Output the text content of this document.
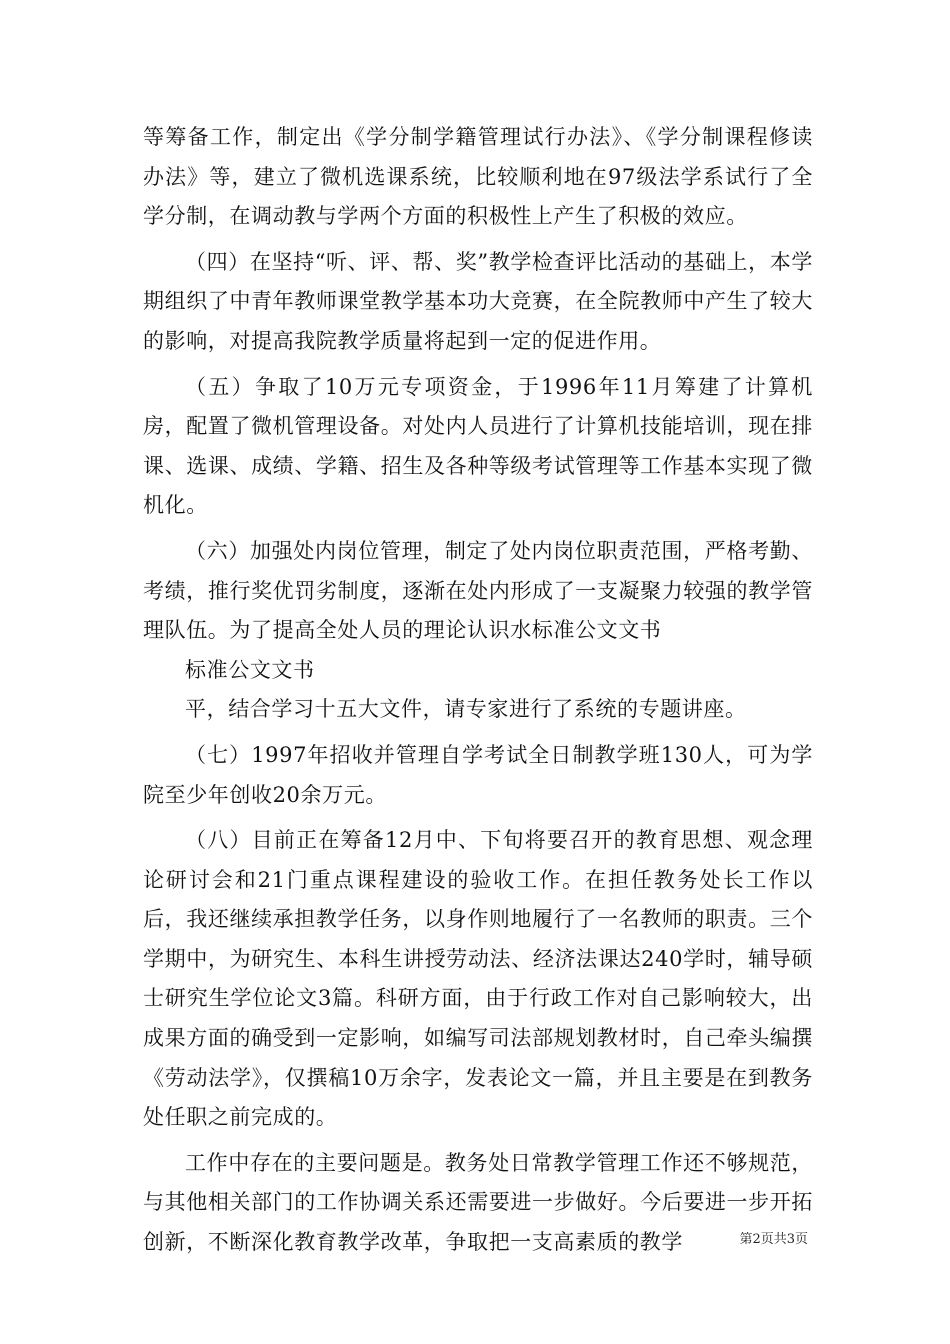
等筹备工作，制定出《学分制学籍管理试行办法》、《学分制课程修读办法》等，建立了微机选课系统，比较顺利地在97级法学系试行了全学分制，在调动教与学两个方面的积极性上产生了积极的效应。

（四）在坚持“听、评、帮、奖”教学检查评比活动的基础上，本学期组织了中青年教师课堂教学基本功大竞赛，在全院教师中产生了较大的影响，对提高我院教学质量将起到一定的促进作用。

（五）争取了10万元专项资金，于1996年11月筹建了计算机房，配置了微机管理设备。对处内人员进行了计算机技能培训，现在排课、选课、成绩、学籍、招生及各种等级考试管理等工作基本实现了微机化。

（六）加强处内岗位管理，制定了处内岗位职责范围，严格考勤、考绩，推行奖优罚劣制度，逐渐在处内形成了一支凝聚力较强的教学管理队伍。为了提高全处人员的理论认识水标准公文文书

标准公文文书

平，结合学习十五大文件，请专家进行了系统的专题讲座。

（七）1997年招收并管理自学考试全日制教学班130人，可为学院至少年创收20余万元。

（八）目前正在筹备12月中、下旬将要召开的教育思想、观念理论研讨会和21门重点课程建设的验收工作。在担任教务处长工作以后，我还继续承担教学任务，以身作则地履行了一名教师的职责。三个学期中，为研究生、本科生讲授劳动法、经济法课达240学时，辅导硕士研究生学位论文3篇。科研方面，由于行政工作对自己影响较大，出成果方面的确受到一定影响，如编写司法部规划教材时，自己牵头编撰《劳动法学》，仅撰稿10万余字，发表论文一篇，并且主要是在到教务处任职之前完成的。

工作中存在的主要问题是。教务处日常教学管理工作还不够规范，与其他相关部门的工作协调关系还需要进一步做好。今后要进一步开拓创新，不断深化教育教学改革，争取把一支高素质的教学	第2页共3页
